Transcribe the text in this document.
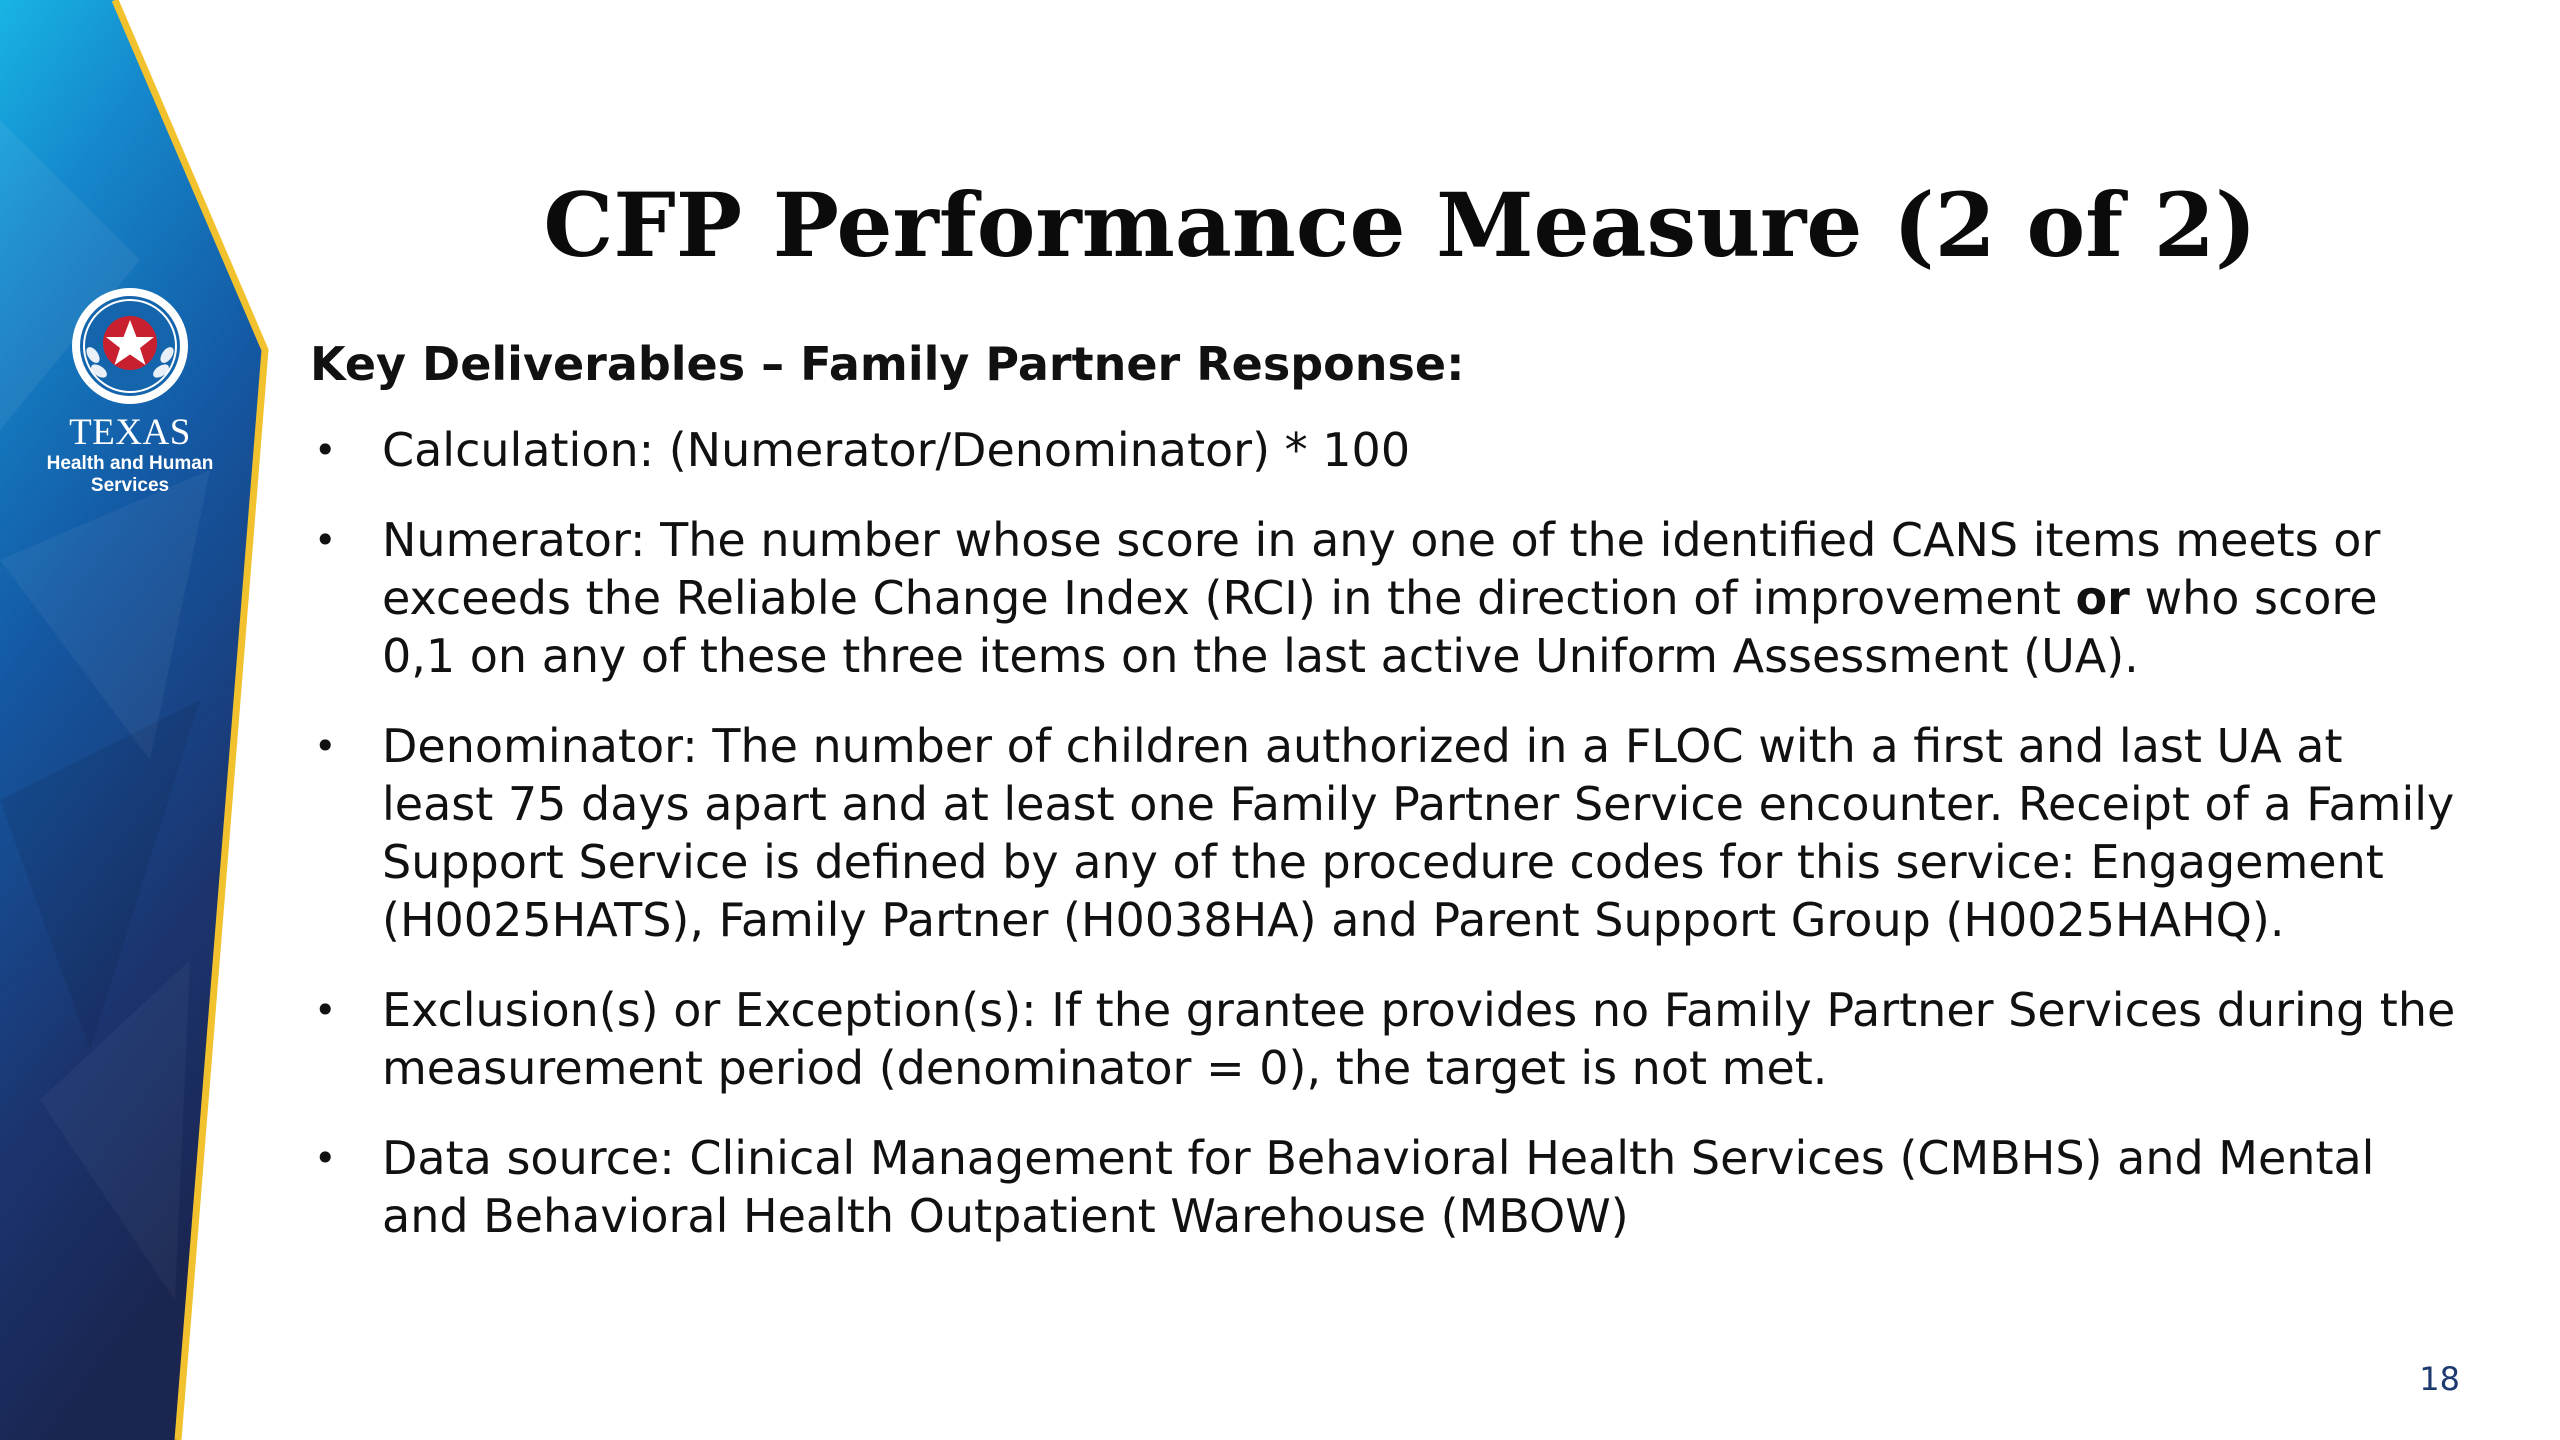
TEXAS
Health and Human
Services
CFP Performance Measure (2 of 2)
Key Deliverables – Family Partner Response:
• Calculation: (Numerator/Denominator) * 100
• Numerator: The number whose score in any one of the identified CANS items meets or exceeds the Reliable Change Index (RCI) in the direction of improvement or who score 0,1 on any of these three items on the last active Uniform Assessment (UA).
• Denominator: The number of children authorized in a FLOC with a first and last UA at least 75 days apart and at least one Family Partner Service encounter. Receipt of a Family Support Service is defined by any of the procedure codes for this service: Engagement (H0025HATS), Family Partner (H0038HA) and Parent Support Group (H0025HAHQ).
• Exclusion(s) or Exception(s): If the grantee provides no Family Partner Services during the measurement period (denominator = 0), the target is not met.
• Data source: Clinical Management for Behavioral Health Services (CMBHS) and Mental and Behavioral Health Outpatient Warehouse (MBOW)
18
